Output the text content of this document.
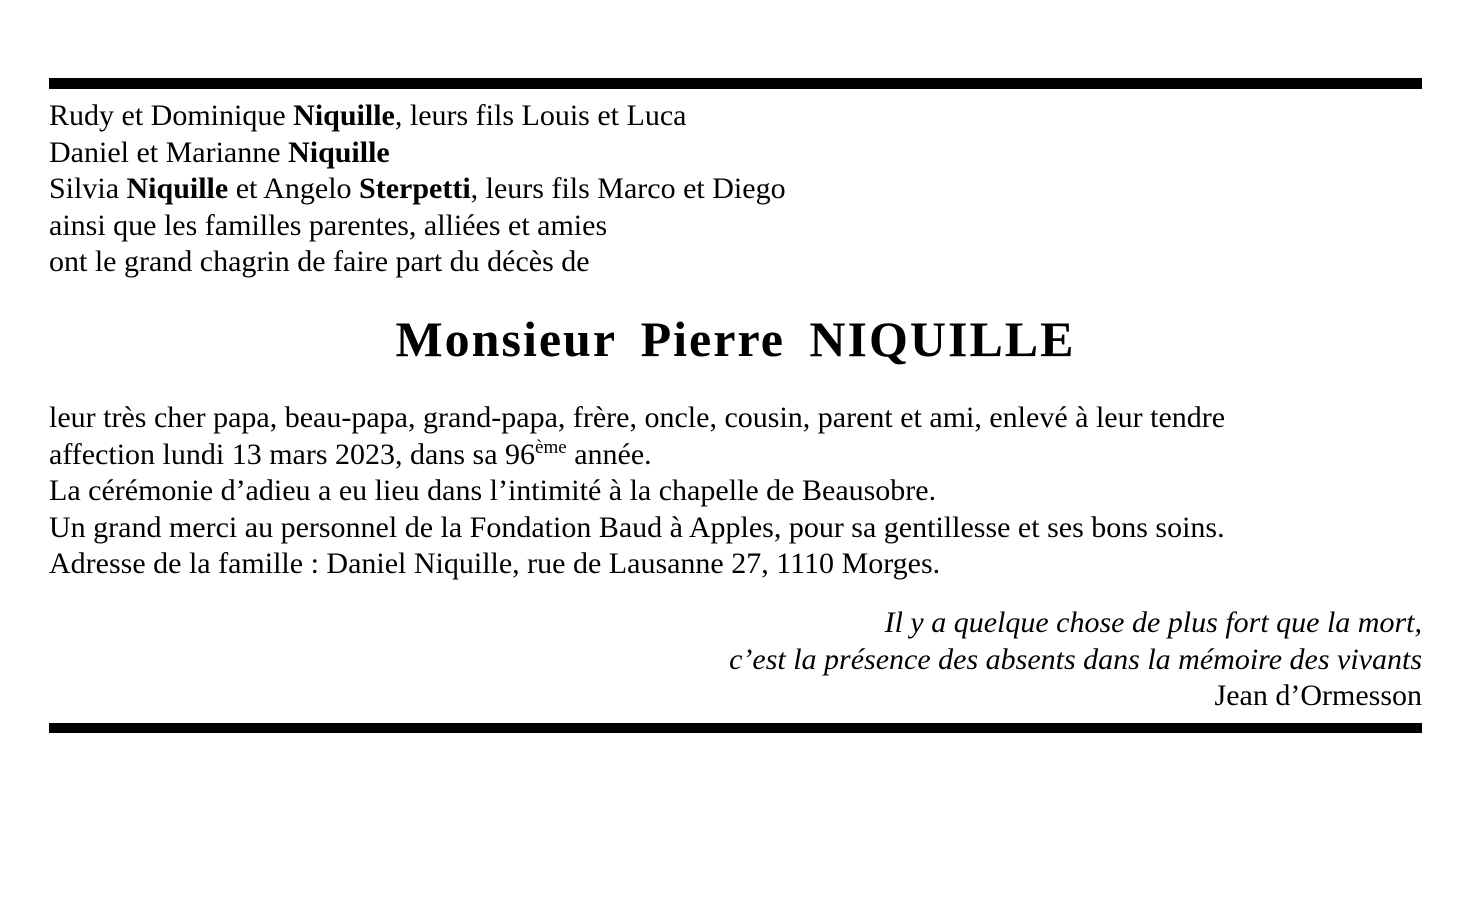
Rudy et Dominique Niquille, leurs fils Louis et Luca
Daniel et Marianne Niquille
Silvia Niquille et Angelo Sterpetti, leurs fils Marco et Diego
ainsi que les familles parentes, alliées et amies
ont le grand chagrin de faire part du décès de
Monsieur Pierre NIQUILLE
leur très cher papa, beau-papa, grand-papa, frère, oncle, cousin, parent et ami, enlevé à leur tendre
affection lundi 13 mars 2023, dans sa 96ème année.
La cérémonie d’adieu a eu lieu dans l’intimité à la chapelle de Beausobre.
Un grand merci au personnel de la Fondation Baud à Apples, pour sa gentillesse et ses bons soins.
Adresse de la famille : Daniel Niquille, rue de Lausanne 27, 1110 Morges.
Il y a quelque chose de plus fort que la mort,
c’est la présence des absents dans la mémoire des vivants
Jean d’Ormesson
